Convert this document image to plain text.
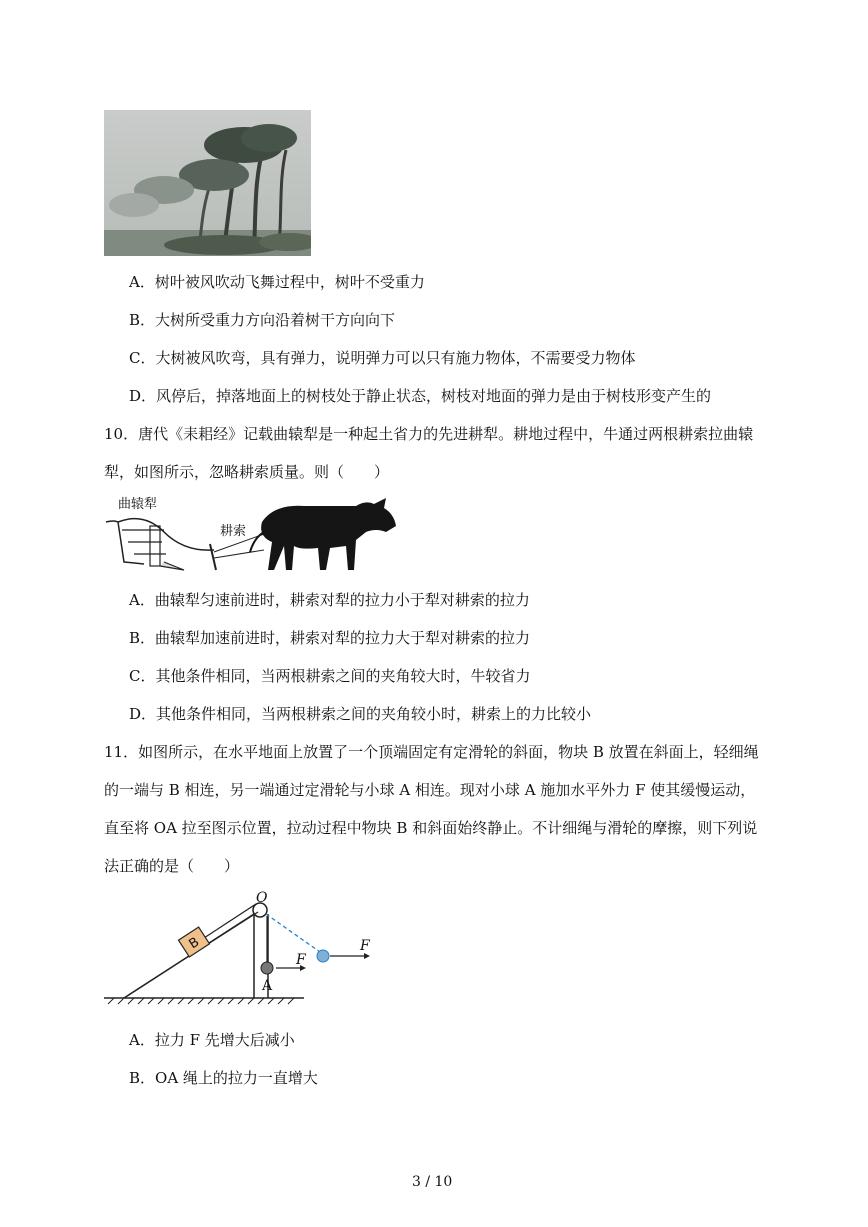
A．树叶被风吹动飞舞过程中，树叶不受重力
B．大树所受重力方向沿着树干方向向下
C．大树被风吹弯，具有弹力，说明弹力可以只有施力物体，不需要受力物体
D．风停后，掉落地面上的树枝处于静止状态，树枝对地面的弹力是由于树枝形变产生的
10．唐代《耒耜经》记载曲辕犁是一种起土省力的先进耕犁。耕地过程中，牛通过两根耕索拉曲辕
犁，如图所示，忽略耕索质量。则（　　）
曲辕犁
耕索
A．曲辕犁匀速前进时，耕索对犁的拉力小于犁对耕索的拉力
B．曲辕犁加速前进时，耕索对犁的拉力大于犁对耕索的拉力
C．其他条件相同，当两根耕索之间的夹角较大时，牛较省力
D．其他条件相同，当两根耕索之间的夹角较小时，耕索上的力比较小
11．如图所示，在水平地面上放置了一个顶端固定有定滑轮的斜面，物块 B 放置在斜面上，轻细绳
的一端与 B 相连，另一端通过定滑轮与小球 A 相连。现对小球 A 施加水平外力 F 使其缓慢运动，
直至将 OA 拉至图示位置，拉动过程中物块 B 和斜面始终静止。不计细绳与滑轮的摩擦，则下列说
法正确的是（　　）
B
O
A
F
F
A．拉力 F 先增大后减小
B．OA 绳上的拉力一直增大
3 / 10
